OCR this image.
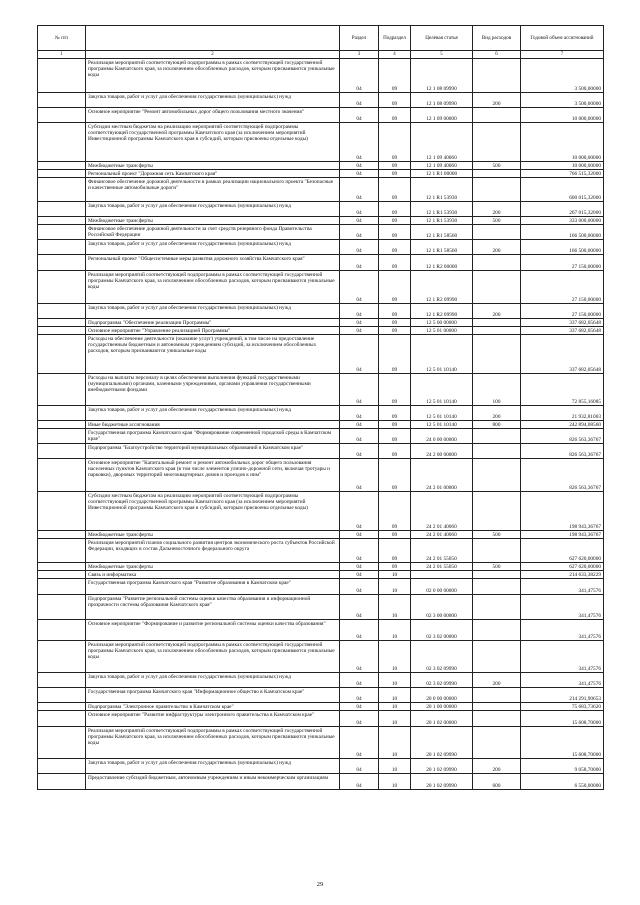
№ п/п		Раздел	Подраздел	Целевая статья	Вид расходов	Годовой объем ассигнований
1	2	3	4	5	6	7
	Реализация мероприятий соответствующей подпрограммы в рамках соответствующей государственной программы Камчатского края, за исключением обособленных расходов, которым присваиваются уникальные коды	04	09	12 1 08 09990		3 500,00000
	Закупка товаров, работ и услуг для обеспечения государственных (муниципальных) нужд	04	09	12 1 08 09990	200	3 500,00000
	Основное мероприятие "Ремонт автомобильных дорог общего пользования местного значения"	04	09	12 1 09 00000		10 000,00000
	Субсидии местным бюджетам на реализацию мероприятий соответствующей подпрограммы соответствующей государственной программы Камчатского края (за исключением мероприятий Инвестиционной программы Камчатского края в субсидий, которым присвоены отдельные коды)	04	09	12 1 09 40060		10 000,00000
	Межбюджетные трансферты	04	09	12 1 09 40060	500	10 000,00000
	Региональный проект "Дорожная сеть Камчатского края"	04	09	12 1 R1 00000		766 515,32000
	Финансовое обеспечение дорожной деятельности в рамках реализации национального проекта "Безопасные и качественные автомобильные дороги"	04	09	12 1 R1 53930		600 015,32000
	Закупка товаров, работ и услуг для обеспечения государственных (муниципальных) нужд	04	09	12 1 R1 53930	200	267 015,32000
	Межбюджетные трансферты	04	09	12 1 R1 53930	500	333 000,00000
	Финансовое обеспечение дорожной деятельности за счет средств резервного фонда Правительства Российской Федерации	04	09	12 1 R1 58560		166 500,00000
	Закупка товаров, работ и услуг для обеспечения государственных (муниципальных) нужд	04	09	12 1 R1 58560	200	166 500,00000
	Региональный проект "Общесистемные меры развития дорожного хозяйства Камчатского края"	04	09	12 1 R2 00000		27 150,00000
	Реализация мероприятий соответствующей подпрограммы в рамках соответствующей государственной программы Камчатского края, за исключением обособленных расходов, которым присваиваются уникальные коды	04	09	12 1 R2 09990		27 150,00000
	Закупка товаров, работ и услуг для обеспечения государственных (муниципальных) нужд	04	09	12 1 R2 09990	200	27 150,00000
	Подпрограмма "Обеспечение реализации Программы"	04	09	12 5 00 00000		337 682,05648
	Основное мероприятие "Управление реализацией Программы"	04	09	12 5 01 00000		337 682,05648
	Расходы на обеспечение деятельности (оказание услуг) учреждений, в том числе на предоставление государственным бюджетным и автономным учреждениям субсидий, за исключением обособленных расходов, которым присваиваются уникальные коды	04	09	12 5 01 10140		337 682,05648
	Расходы на выплаты персоналу в целях обеспечения выполнения функций государственными (муниципальными) органами, казенными учреждениями, органами управления государственными внебюджетными фондами	04	09	12 5 01 10140	100	72 855,16085
	Закупка товаров, работ и услуг для обеспечения государственных (муниципальных) нужд	04	09	12 5 01 10140	200	21 932,81003
	Иные бюджетные ассигнования	04	09	12 5 01 10140	800	242 894,08560
	Государственная программа Камчатского края "Формирование современной городской среды в Камчатском крае"	04	09	24 0 00 00000		826 563,36767
	Подпрограмма "Благоустройство территорий муниципальных образований в Камчатском крае"	04	09	24 2 00 00000		826 563,36767
	Основное мероприятие "Капитальный ремонт и ремонт автомобильных дорог общего пользования населенных пунктов Камчатского края (в том числе элементов улично-дорожной сети, включая тротуары и парковки), дворовых территорий многоквартирных домов и проездов к ним"	04	09	24 2 01 00000		826 563,36767
	Субсидии местным бюджетам на реализацию мероприятий соответствующей подпрограммы соответствующей государственной программы Камчатского края (за исключением мероприятий Инвестиционной программы Камчатского края в субсидий, которым присвоены отдельные коды)	04	09	24 2 01 40060		198 943,36767
	Межбюджетные трансферты	04	09	24 2 01 40060	500	198 943,36767
	Реализация мероприятий планов социального развития центров экономического роста субъектов Российской Федерации, входящих в состав Дальневосточного федерального округа	04	09	24 2 01 55050		627 620,00000
	Межбюджетные трансферты	04	09	24 2 01 55050	500	627 620,00000
	Связь и информатика	04	10			214 633,38229
	Государственная программа Камчатского края "Развитие образования в Камчатском крае"	04	10	02 0 00 00000		341,47576
	Подпрограмма "Развитие региональной системы оценки качества образования и информационной прозрачности системы образования Камчатского края"	04	10	02 3 00 00000		341,47576
	Основное мероприятие "Формирование и развитие региональной системы оценки качества образования"	04	10	02 3 02 00000		341,47576
	Реализация мероприятий соответствующей подпрограммы в рамках соответствующей государственной программы Камчатского края, за исключением обособленных расходов, которым присваиваются уникальные коды	04	10	02 3 02 09990		341,47576
	Закупка товаров, работ и услуг для обеспечения государственных (муниципальных) нужд	04	10	02 3 02 09990	200	341,47576
	Государственная программа Камчатского края "Информационное общество в Камчатском крае"	04	10	20 0 00 00000		214 291,90653
	Подпрограмма "Электронное правительство в Камчатском крае"	04	10	20 1 00 00000		75 683,73620
	Основное мероприятие "Развитие инфраструктуры электронного правительства в Камчатском крае"	04	10	20 1 02 00000		15 608,70000
	Реализация мероприятий соответствующей подпрограммы в рамках соответствующей государственной программы Камчатского края, за исключением обособленных расходов, которым присваиваются уникальные коды	04	10	20 1 02 09990		15 608,70000
	Закупка товаров, работ и услуг для обеспечения государственных (муниципальных) нужд	04	10	20 1 02 09990	200	9 058,70000
	Предоставление субсидий бюджетным, автономным учреждениям и иным некоммерческим организациям	04	10	20 1 02 09990	600	6 550,00000
29
